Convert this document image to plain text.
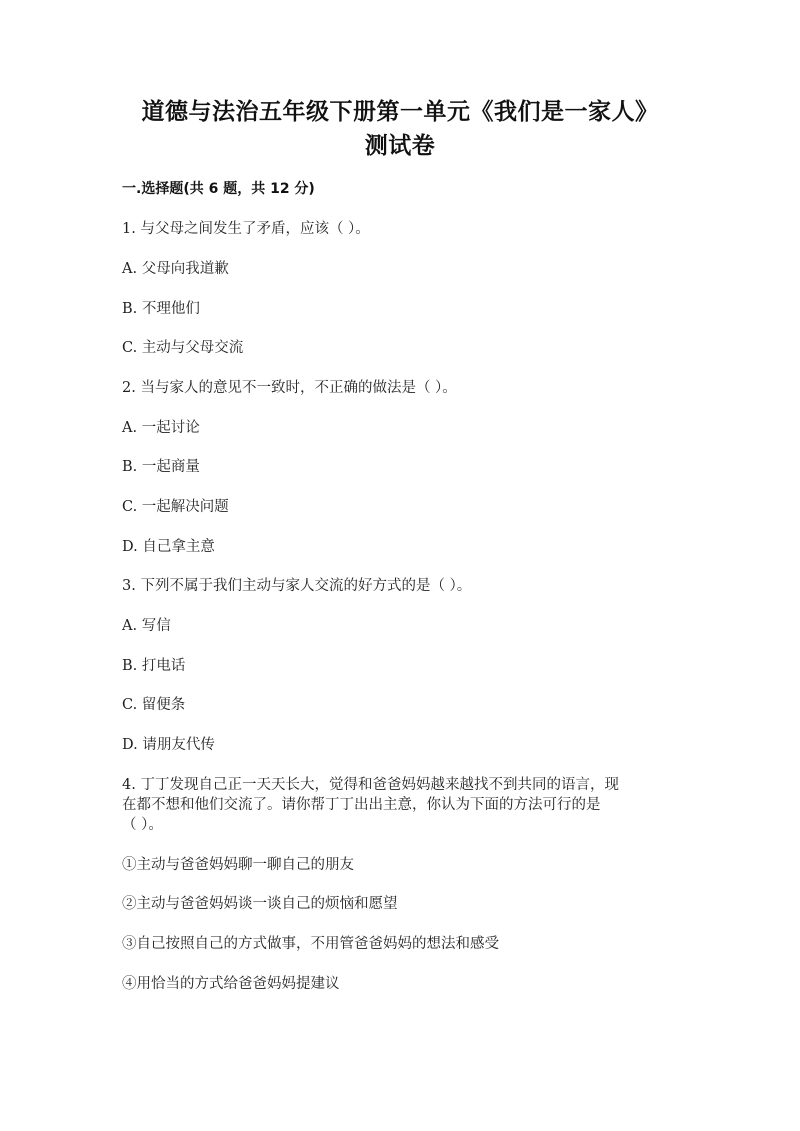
道德与法治五年级下册第一单元《我们是一家人》
测试卷
一.选择题(共 6 题，共 12 分)
1. 与父母之间发生了矛盾，应该（ ）。
A. 父母向我道歉
B. 不理他们
C. 主动与父母交流
2. 当与家人的意见不一致时，不正确的做法是（ ）。
A. 一起讨论
B. 一起商量
C. 一起解决问题
D. 自己拿主意
3. 下列不属于我们主动与家人交流的好方式的是（ ）。
A. 写信
B. 打电话
C. 留便条
D. 请朋友代传
4. 丁丁发现自己正一天天长大，觉得和爸爸妈妈越来越找不到共同的语言，现
在都不想和他们交流了。请你帮丁丁出出主意，你认为下面的方法可行的是
（ ）。
①主动与爸爸妈妈聊一聊自己的朋友
②主动与爸爸妈妈谈一谈自己的烦恼和愿望
③自己按照自己的方式做事，不用管爸爸妈妈的想法和感受
④用恰当的方式给爸爸妈妈提建议
